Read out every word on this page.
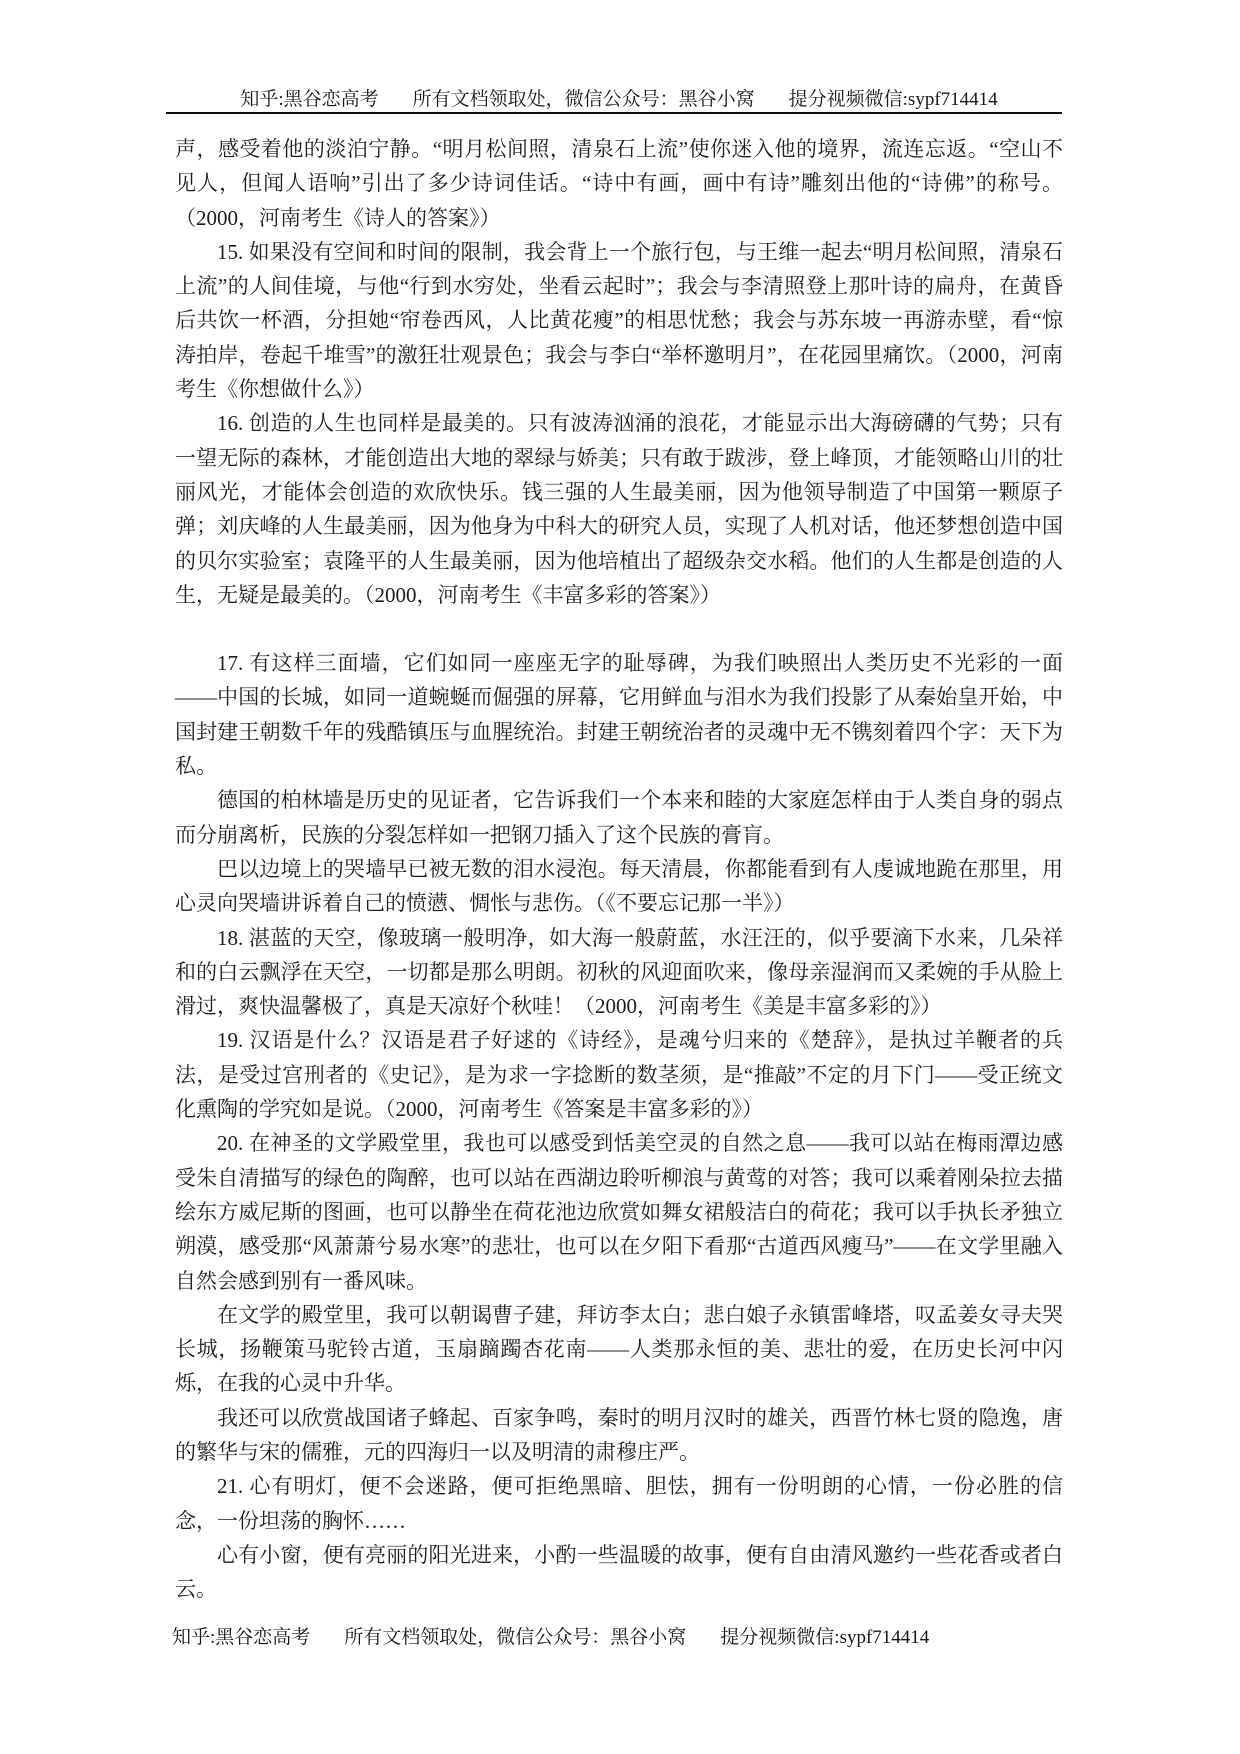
知乎:黑谷恋高考 所有文档领取处，微信公众号：黑谷小窝 提分视频微信:sypf714414

声，感受着他的淡泊宁静。“明月松间照，清泉石上流”使你迷入他的境界，流连忘返。“空山不见人，但闻人语响”引出了多少诗词佳话。“诗中有画，画中有诗”雕刻出他的“诗佛”的称号。（2000，河南考生《诗人的答案》）

15. 如果没有空间和时间的限制，我会背上一个旅行包，与王维一起去“明月松间照，清泉石上流”的人间佳境，与他“行到水穷处，坐看云起时”；我会与李清照登上那叶诗的扁舟，在黄昏后共饮一杯酒，分担她“帘卷西风，人比黄花瘦”的相思忧愁；我会与苏东坡一再游赤壁，看“惊涛拍岸，卷起千堆雪”的激狂壮观景色；我会与李白“举杯邀明月”，在花园里痛饮。（2000，河南考生《你想做什么》）

16. 创造的人生也同样是最美的。只有波涛汹涌的浪花，才能显示出大海磅礴的气势；只有一望无际的森林，才能创造出大地的翠绿与娇美；只有敢于跋涉，登上峰顶，才能领略山川的壮丽风光，才能体会创造的欢欣快乐。钱三强的人生最美丽，因为他领导制造了中国第一颗原子弹；刘庆峰的人生最美丽，因为他身为中科大的研究人员，实现了人机对话，他还梦想创造中国的贝尔实验室；袁隆平的人生最美丽，因为他培植出了超级杂交水稻。他们的人生都是创造的人生，无疑是最美的。（2000，河南考生《丰富多彩的答案》）

17. 有这样三面墙，它们如同一座座无字的耻辱碑，为我们映照出人类历史不光彩的一面——中国的长城，如同一道蜿蜒而倔强的屏幕，它用鲜血与泪水为我们投影了从秦始皇开始，中国封建王朝数千年的残酷镇压与血腥统治。封建王朝统治者的灵魂中无不镌刻着四个字：天下为私。

德国的柏林墙是历史的见证者，它告诉我们一个本来和睦的大家庭怎样由于人类自身的弱点而分崩离析，民族的分裂怎样如一把钢刀插入了这个民族的膏肓。

巴以边境上的哭墙早已被无数的泪水浸泡。每天清晨，你都能看到有人虔诚地跪在那里，用心灵向哭墙讲诉着自己的愤懑、惆怅与悲伤。（《不要忘记那一半》）

18. 湛蓝的天空，像玻璃一般明净，如大海一般蔚蓝，水汪汪的，似乎要滴下水来，几朵祥和的白云飘浮在天空，一切都是那么明朗。初秋的风迎面吹来，像母亲湿润而又柔婉的手从脸上滑过，爽快温馨极了，真是天凉好个秋哇！（2000，河南考生《美是丰富多彩的》）

19. 汉语是什么？汉语是君子好逑的《诗经》，是魂兮归来的《楚辞》，是执过羊鞭者的兵法，是受过宫刑者的《史记》，是为求一字捻断的数茎须，是“推敲”不定的月下门——受正统文化熏陶的学究如是说。（2000，河南考生《答案是丰富多彩的》）

20. 在神圣的文学殿堂里，我也可以感受到恬美空灵的自然之息——我可以站在梅雨潭边感受朱自清描写的绿色的陶醉，也可以站在西湖边聆听柳浪与黄莺的对答；我可以乘着刚朵拉去描绘东方威尼斯的图画，也可以静坐在荷花池边欣赏如舞女裙般洁白的荷花；我可以手执长矛独立朔漠，感受那“风萧萧兮易水寒”的悲壮，也可以在夕阳下看那“古道西风瘦马”——在文学里融入自然会感到别有一番风味。

在文学的殿堂里，我可以朝谒曹子建，拜访李太白；悲白娘子永镇雷峰塔，叹孟姜女寻夫哭长城，扬鞭策马驼铃古道，玉扇蹢躅杏花南——人类那永恒的美、悲壮的爱，在历史长河中闪烁，在我的心灵中升华。

我还可以欣赏战国诸子蜂起、百家争鸣，秦时的明月汉时的雄关，西晋竹林七贤的隐逸，唐的繁华与宋的儒雅，元的四海归一以及明清的肃穆庄严。

21. 心有明灯，便不会迷路，便可拒绝黑暗、胆怯，拥有一份明朗的心情，一份必胜的信念，一份坦荡的胸怀……

心有小窗，便有亮丽的阳光进来，小酌一些温暖的故事，便有自由清风邀约一些花香或者白云。

知乎:黑谷恋高考 所有文档领取处，微信公众号：黑谷小窝 提分视频微信:sypf714414
